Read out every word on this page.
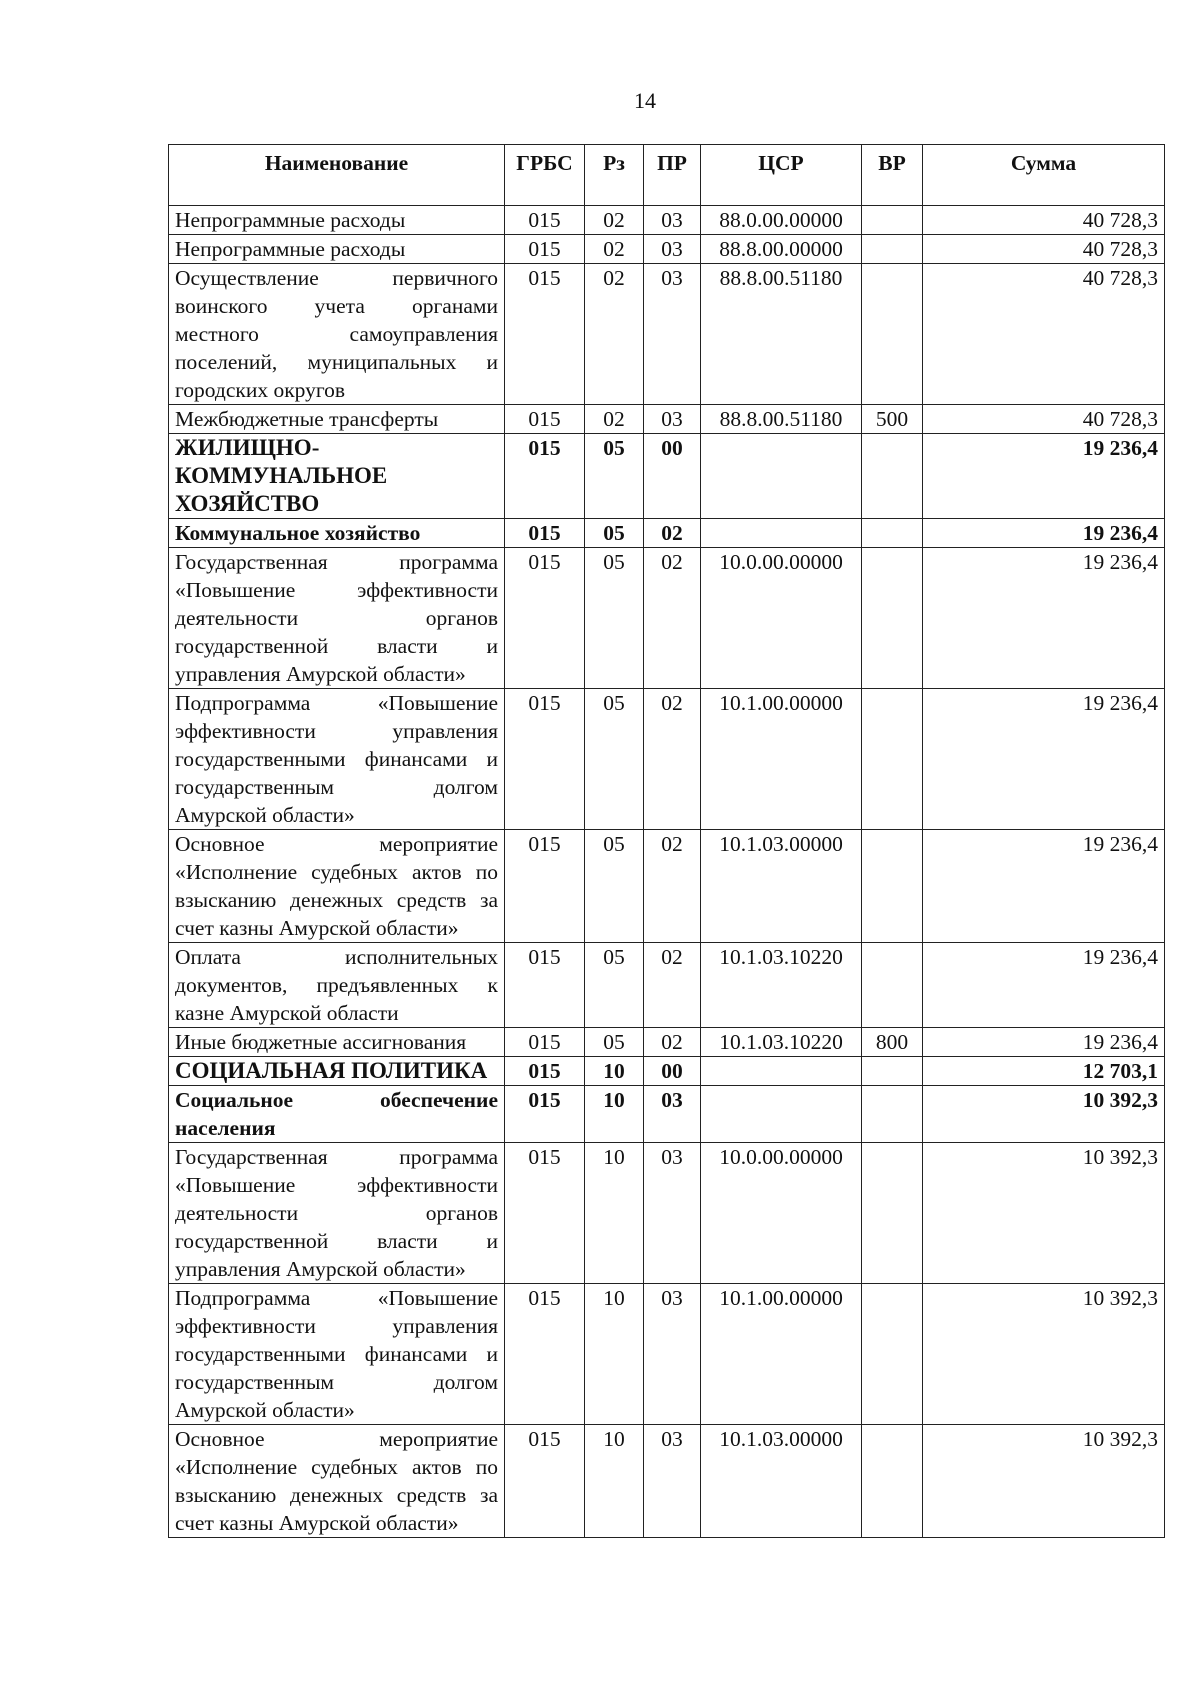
14
Наименование	ГРБС	Рз	ПР	ЦСР	ВР	Сумма
Непрограммные расходы	015	02	03	88.0.00.00000		40 728,3
Непрограммные расходы	015	02	03	88.8.00.00000		40 728,3
Осуществление первичного воинского учета органами местного самоуправления поселений, муниципальных и городских округов	015	02	03	88.8.00.51180		40 728,3
Межбюджетные трансферты	015	02	03	88.8.00.51180	500	40 728,3
ЖИЛИЩНО-КОММУНАЛЬНОЕ ХОЗЯЙСТВО	015	05	00			19 236,4
Коммунальное хозяйство	015	05	02			19 236,4
Государственная программа «Повышение эффективности деятельности органов государственной власти и управления Амурской области»	015	05	02	10.0.00.00000		19 236,4
Подпрограмма «Повышение эффективности управления государственными финансами и государственным долгом Амурской области»	015	05	02	10.1.00.00000		19 236,4
Основное мероприятие «Исполнение судебных актов по взысканию денежных средств за счет казны Амурской области»	015	05	02	10.1.03.00000		19 236,4
Оплата исполнительных документов, предъявленных к казне Амурской области	015	05	02	10.1.03.10220		19 236,4
Иные бюджетные ассигнования	015	05	02	10.1.03.10220	800	19 236,4
СОЦИАЛЬНАЯ ПОЛИТИКА	015	10	00			12 703,1
Социальное обеспечение населения	015	10	03			10 392,3
Государственная программа «Повышение эффективности деятельности органов государственной власти и управления Амурской области»	015	10	03	10.0.00.00000		10 392,3
Подпрограмма «Повышение эффективности управления государственными финансами и государственным долгом Амурской области»	015	10	03	10.1.00.00000		10 392,3
Основное мероприятие «Исполнение судебных актов по взысканию денежных средств за счет казны Амурской области»	015	10	03	10.1.03.00000		10 392,3
